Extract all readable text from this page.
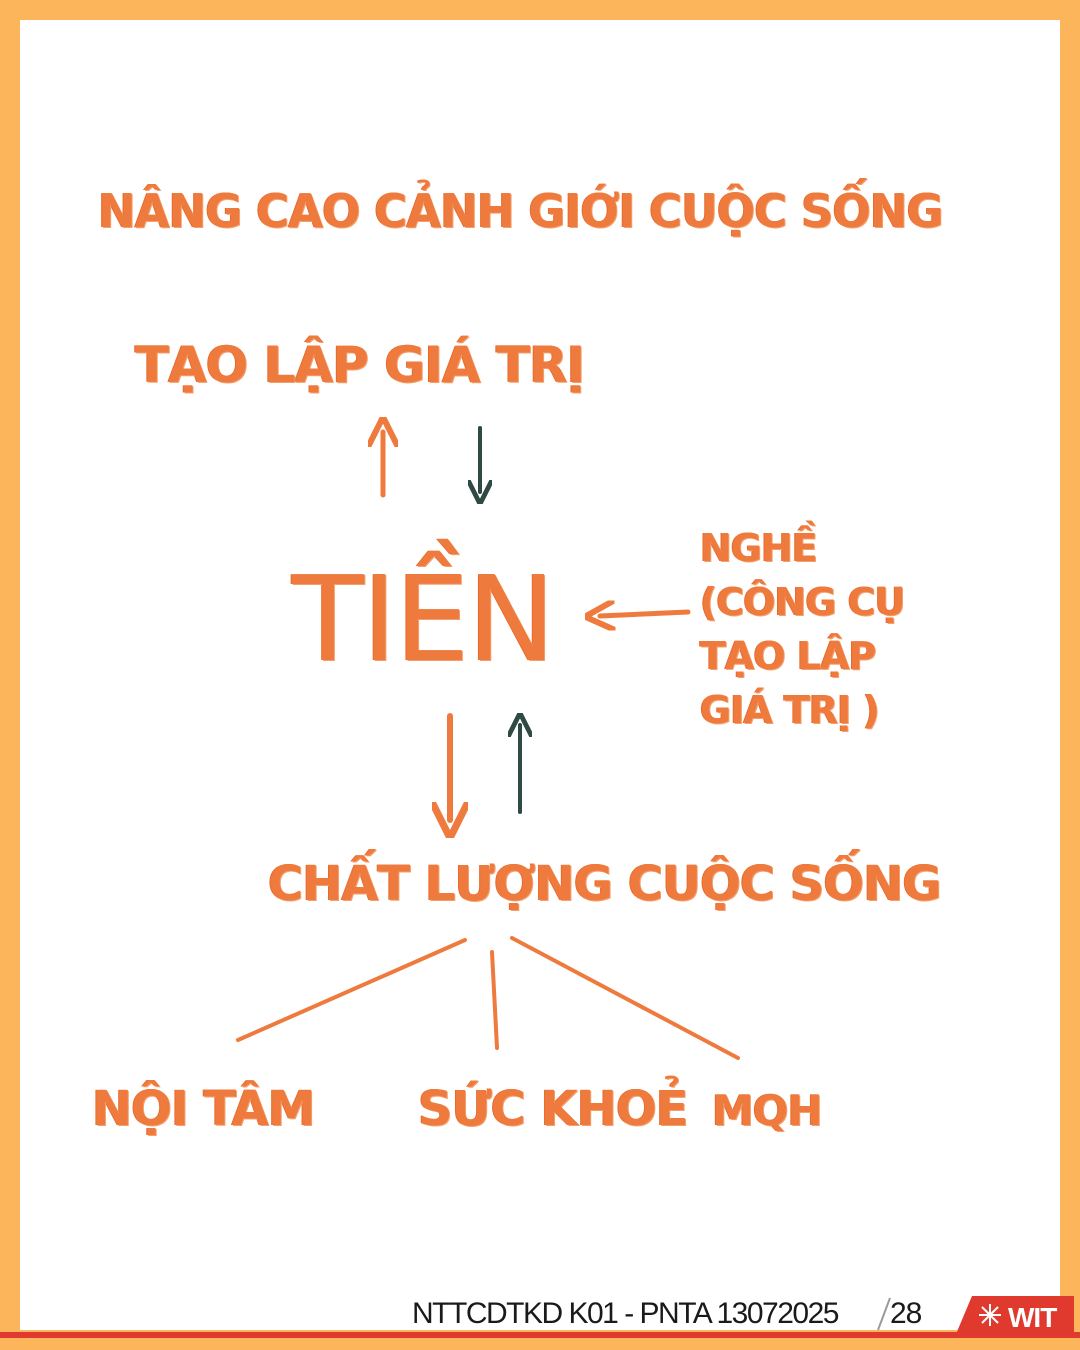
NÂNG CAO CẢNH GIỚI CUỘC SỐNG
TẠO LẬP GIÁ TRỊ
TIỀN
NGHỀ
(CÔNG CỤ
TẠO LẬP
GIÁ TRỊ )
CHẤT LƯỢNG CUỘC SỐNG
NỘI TÂM SỨC KHOẺ MQH
NTTCDTKD K01 - PNTA 13072025 28	WIT
